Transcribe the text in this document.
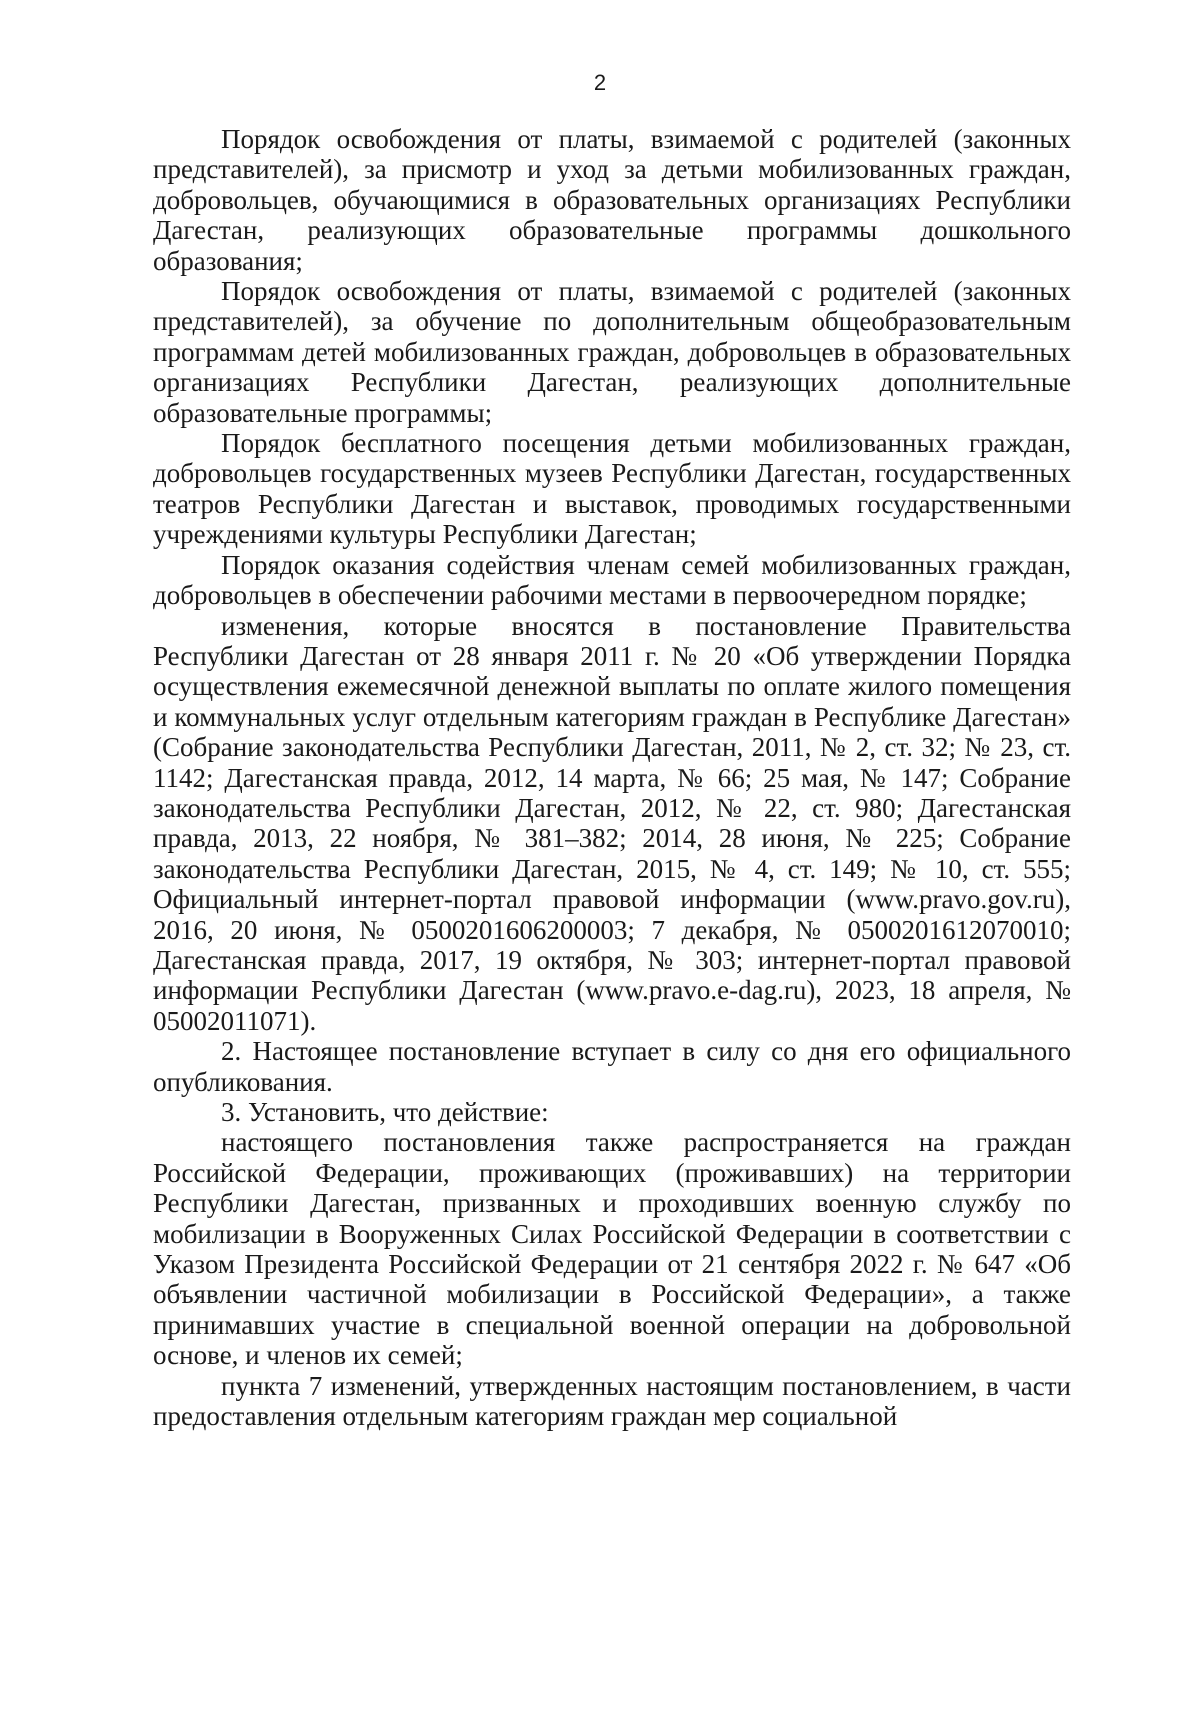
2

Порядок освобождения от платы, взимаемой с родителей (законных представителей), за присмотр и уход за детьми мобилизованных граждан, добровольцев, обучающимися в образовательных организациях Республики Дагестан, реализующих образовательные программы дошкольного образования;

Порядок освобождения от платы, взимаемой с родителей (законных представителей), за обучение по дополнительным общеобразовательным программам детей мобилизованных граждан, добровольцев в образовательных организациях Республики Дагестан, реализующих дополнительные образовательные программы;

Порядок бесплатного посещения детьми мобилизованных граждан, добровольцев государственных музеев Республики Дагестан, государственных театров Республики Дагестан и выставок, проводимых государственными учреждениями культуры Республики Дагестан;

Порядок оказания содействия членам семей мобилизованных граждан, добровольцев в обеспечении рабочими местами в первоочередном порядке;

изменения, которые вносятся в постановление Правительства Республики Дагестан от 28 января 2011 г. № 20 «Об утверждении Порядка осуществления ежемесячной денежной выплаты по оплате жилого помещения и коммунальных услуг отдельным категориям граждан в Республике Дагестан» (Собрание законодательства Республики Дагестан, 2011, № 2, ст. 32; № 23, ст. 1142; Дагестанская правда, 2012, 14 марта, № 66; 25 мая, № 147; Собрание законодательства Республики Дагестан, 2012, № 22, ст. 980; Дагестанская правда, 2013, 22 ноября, № 381–382; 2014, 28 июня, № 225; Собрание законодательства Республики Дагестан, 2015, № 4, ст. 149; № 10, ст. 555; Официальный интернет-портал правовой информации (www.pravo.gov.ru), 2016, 20 июня, № 0500201606200003; 7 декабря, № 0500201612070010; Дагестанская правда, 2017, 19 октября, № 303; интернет-портал правовой информации Республики Дагестан (www.pravo.e-dag.ru), 2023, 18 апреля, № 05002011071).

2. Настоящее постановление вступает в силу со дня его официального опубликования.

3. Установить, что действие:

настоящего постановления также распространяется на граждан Российской Федерации, проживающих (проживавших) на территории Республики Дагестан, призванных и проходивших военную службу по мобилизации в Вооруженных Силах Российской Федерации в соответствии с Указом Президента Российской Федерации от 21 сентября 2022 г. № 647 «Об объявлении частичной мобилизации в Российской Федерации», а также принимавших участие в специальной военной операции на добровольной основе, и членов их семей;

пункта 7 изменений, утвержденных настоящим постановлением, в части предоставления отдельным категориям граждан мер социальной
